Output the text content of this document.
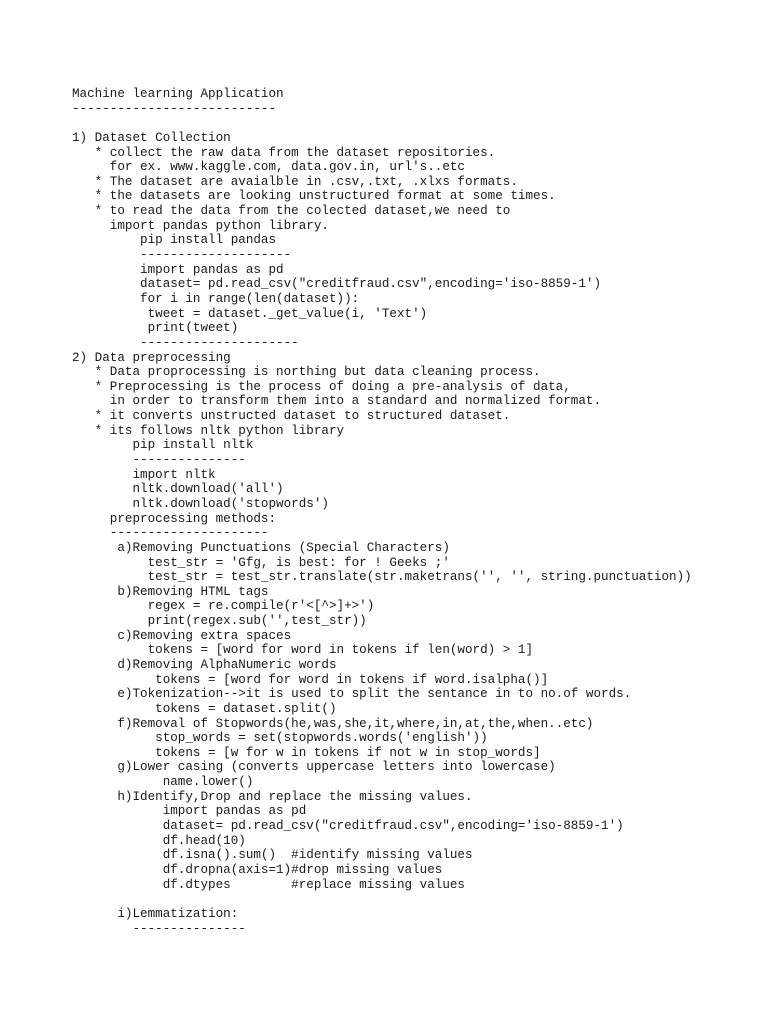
Machine learning Application
---------------------------
1) Dataset Collection
* collect the raw data from the dataset repositories.
for ex. www.kaggle.com, data.gov.in, url's..etc
* The dataset are avaialble in .csv,.txt, .xlxs formats.
* the datasets are looking unstructured format at some times.
* to read the data from the colected dataset,we need to
import pandas python library.
pip install pandas
--------------------
import pandas as pd
dataset= pd.read_csv("creditfraud.csv",encoding='iso-8859-1')
for i in range(len(dataset)):
tweet = dataset._get_value(i, 'Text')
print(tweet)
---------------------
2) Data preprocessing
* Data proprocessing is northing but data cleaning process.
* Preprocessing is the process of doing a pre-analysis of data,
in order to transform them into a standard and normalized format.
* it converts unstructed dataset to structured dataset.
* its follows nltk python library
pip install nltk
---------------
import nltk
nltk.download('all')
nltk.download('stopwords')
preprocessing methods:
---------------------
a)Removing Punctuations (Special Characters)
test_str = 'Gfg, is best: for ! Geeks ;'
test_str = test_str.translate(str.maketrans('', '', string.punctuation))
b)Removing HTML tags
regex = re.compile(r'<[^>]+>')
print(regex.sub('',test_str))
c)Removing extra spaces
tokens = [word for word in tokens if len(word) > 1]
d)Removing AlphaNumeric words
tokens = [word for word in tokens if word.isalpha()]
e)Tokenization-->it is used to split the sentance in to no.of words.
tokens = dataset.split()
f)Removal of Stopwords(he,was,she,it,where,in,at,the,when..etc)
stop_words = set(stopwords.words('english'))
tokens = [w for w in tokens if not w in stop_words]
g)Lower casing (converts uppercase letters into lowercase)
name.lower()
h)Identify,Drop and replace the missing values.
import pandas as pd
dataset= pd.read_csv("creditfraud.csv",encoding='iso-8859-1')
df.head(10)
df.isna().sum()  #identify missing values
df.dropna(axis=1)#drop missing values
df.dtypes        #replace missing values
i)Lemmatization:
---------------
